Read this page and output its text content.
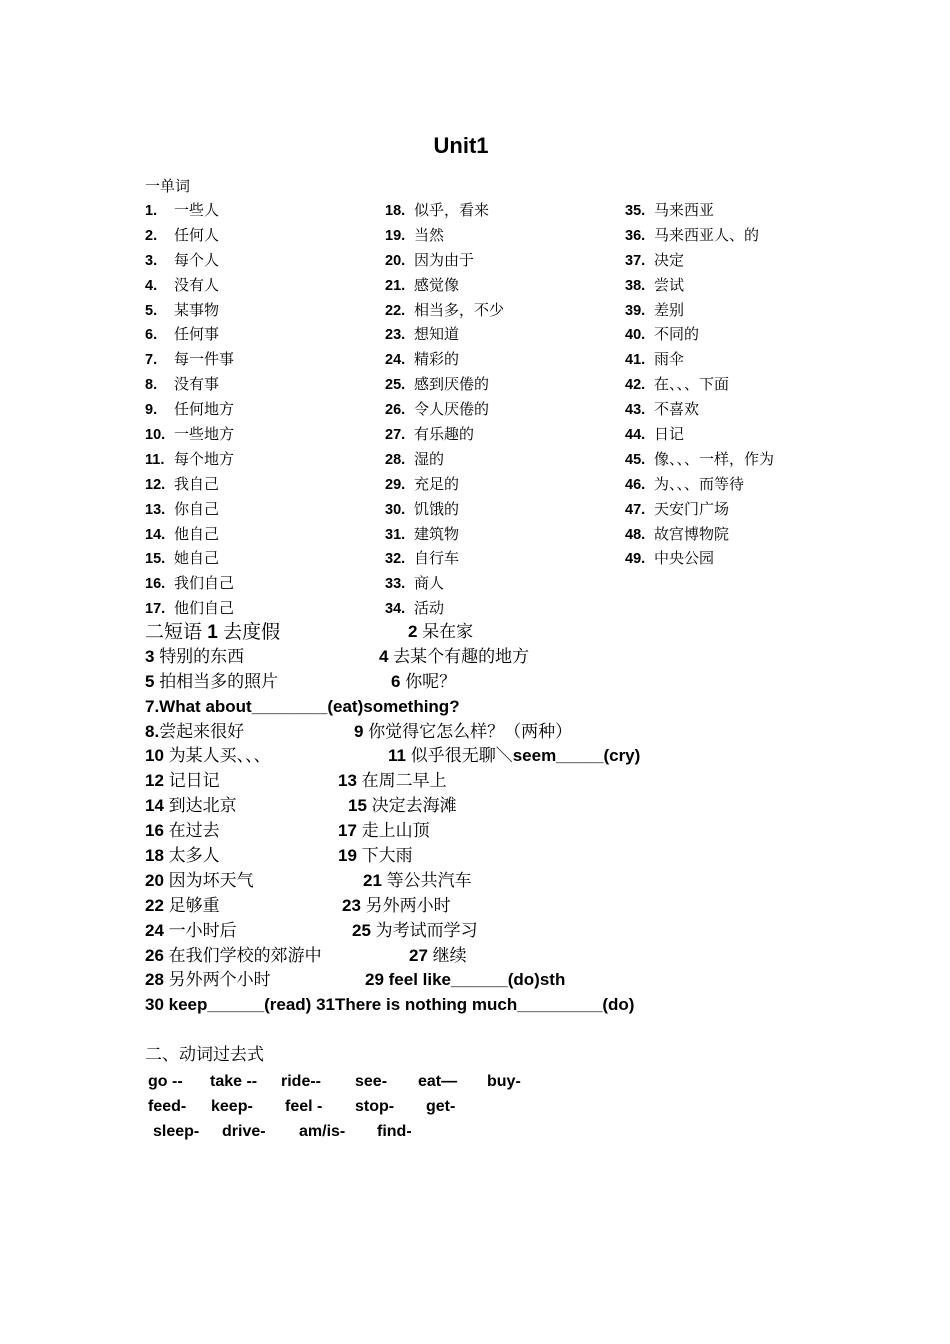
Unit1
一单词
1. 一些人
2. 任何人
3. 每个人
4. 没有人
5. 某事物
6. 任何事
7. 每一件事
8. 没有事
9. 任何地方
10. 一些地方
11. 每个地方
12. 我自己
13. 你自己
14. 他自己
15. 她自己
16. 我们自己
17. 他们自己
18. 似乎，看来
19. 当然
20. 因为由于
21. 感觉像
22. 相当多，不少
23. 想知道
24. 精彩的
25. 感到厌倦的
26. 令人厌倦的
27. 有乐趣的
28. 湿的
29. 充足的
30. 饥饿的
31. 建筑物
32. 自行车
33. 商人
34. 活动
35. 马来西亚
36. 马来西亚人、的
37. 决定
38. 尝试
39. 差别
40. 不同的
41. 雨伞
42. 在、、、下面
43. 不喜欢
44. 日记
45. 像、、、一样，作为
46. 为、、、而等待
47. 天安门广场
48. 故宫博物院
49. 中央公园
二短语 1 去度假	2 呆在家
3 特别的东西	4 去某个有趣的地方
5 拍相当多的照片	6 你呢？
7.What about________(eat)something?
8.尝起来很好	9 你觉得它怎么样？（两种）
10 为某人买、、、	11 似乎很无聊＼seem_____(cry)
12 记日记	13 在周二早上
14 到达北京	15 决定去海滩
16 在过去	17 走上山顶
18 太多人	19 下大雨
20 因为坏天气	21 等公共汽车
22 足够重	23 另外两小时
24 一小时后	25 为考试而学习
26 在我们学校的郊游中	27 继续
28 另外两个小时	29 feel like______(do)sth
30 keep______(read) 31There is nothing much_________(do)
二、动词过去式
go -- take -- ride-- see- eat— buy-
feed- keep- feel - stop- get-
sleep- drive- am/is- find-
